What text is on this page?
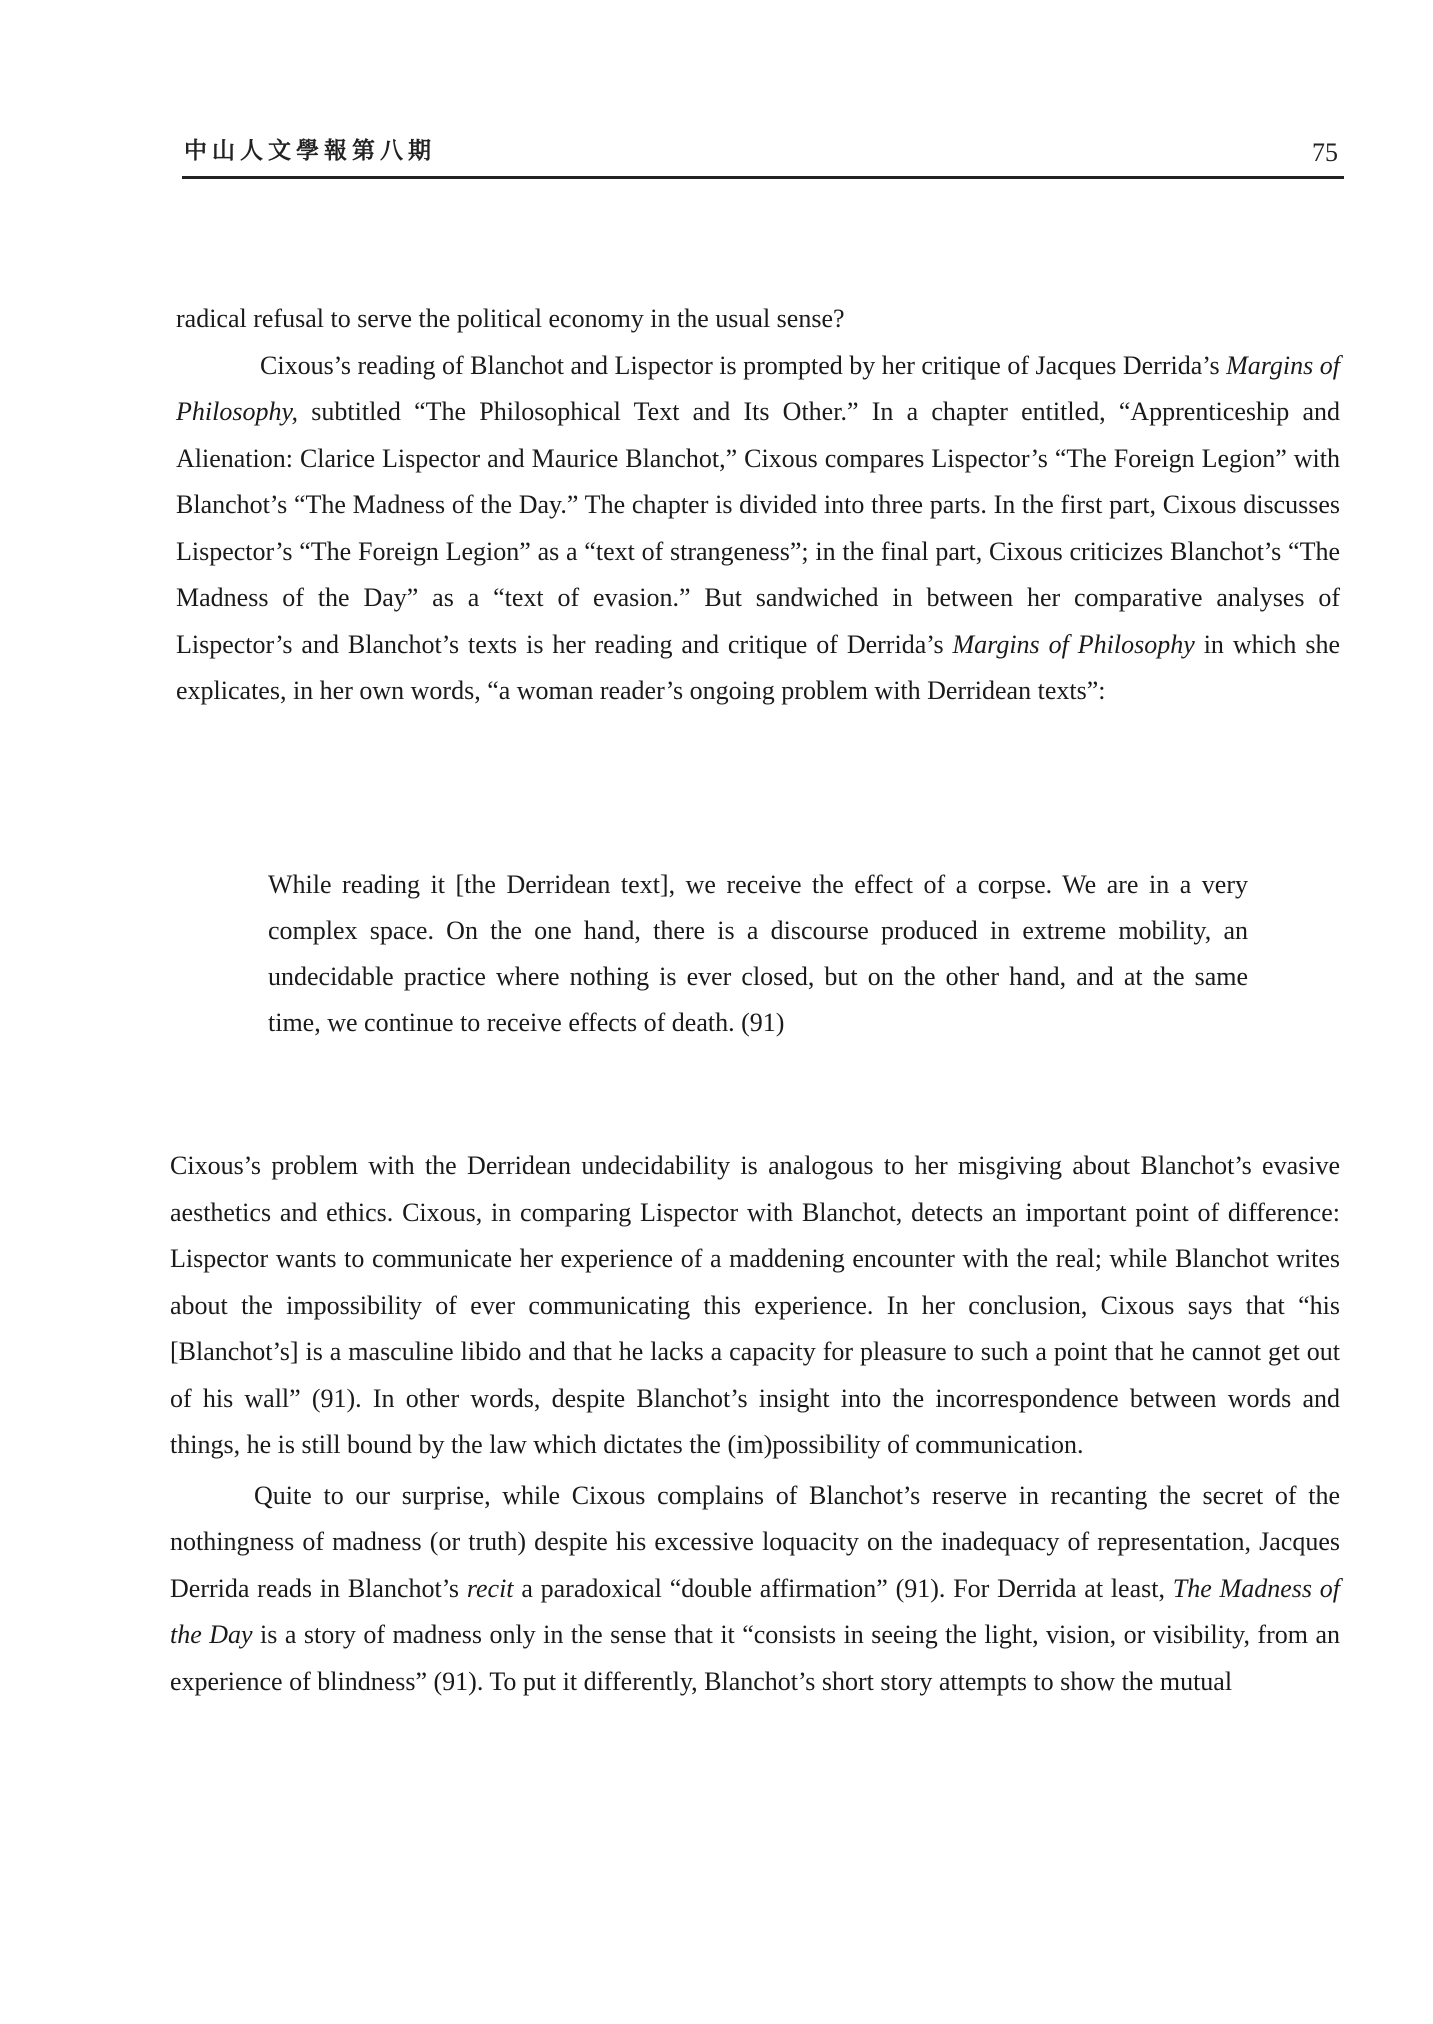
中山人文學報第八期	75

radical refusal to serve the political economy in the usual sense?

Cixous’s reading of Blanchot and Lispector is prompted by her critique of Jacques Derrida’s Margins of Philosophy, subtitled “The Philosophical Text and Its Other.” In a chapter entitled, “Apprenticeship and Alienation: Clarice Lispector and Maurice Blanchot,” Cixous compares Lispector’s “The Foreign Legion” with Blanchot’s “The Madness of the Day.” The chapter is divided into three parts. In the first part, Cixous discusses Lispector’s “The Foreign Legion” as a “text of strangeness”; in the final part, Cixous criticizes Blanchot’s “The Madness of the Day” as a “text of evasion.” But sandwiched in between her comparative analyses of Lispector’s and Blanchot’s texts is her reading and critique of Derrida’s Margins of Philosophy in which she explicates, in her own words, “a woman reader’s ongoing problem with Derridean texts”:

While reading it [the Derridean text], we receive the effect of a corpse. We are in a very complex space. On the one hand, there is a discourse produced in extreme mobility, an undecidable practice where nothing is ever closed, but on the other hand, and at the same time, we continue to receive effects of death. (91)

Cixous’s problem with the Derridean undecidability is analogous to her misgiving about Blanchot’s evasive aesthetics and ethics. Cixous, in comparing Lispector with Blanchot, detects an important point of difference: Lispector wants to communicate her experience of a maddening encounter with the real; while Blanchot writes about the impossibility of ever communicating this experience. In her conclusion, Cixous says that “his [Blanchot’s] is a masculine libido and that he lacks a capacity for pleasure to such a point that he cannot get out of his wall” (91). In other words, despite Blanchot’s insight into the incorrespondence between words and things, he is still bound by the law which dictates the (im)possibility of communication.

Quite to our surprise, while Cixous complains of Blanchot’s reserve in recanting the secret of the nothingness of madness (or truth) despite his excessive loquacity on the inadequacy of representation, Jacques Derrida reads in Blanchot’s recit a paradoxical “double affirmation” (91). For Derrida at least, The Madness of the Day is a story of madness only in the sense that it “consists in seeing the light, vision, or visibility, from an experience of blindness” (91). To put it differently, Blanchot’s short story attempts to show the mutual
